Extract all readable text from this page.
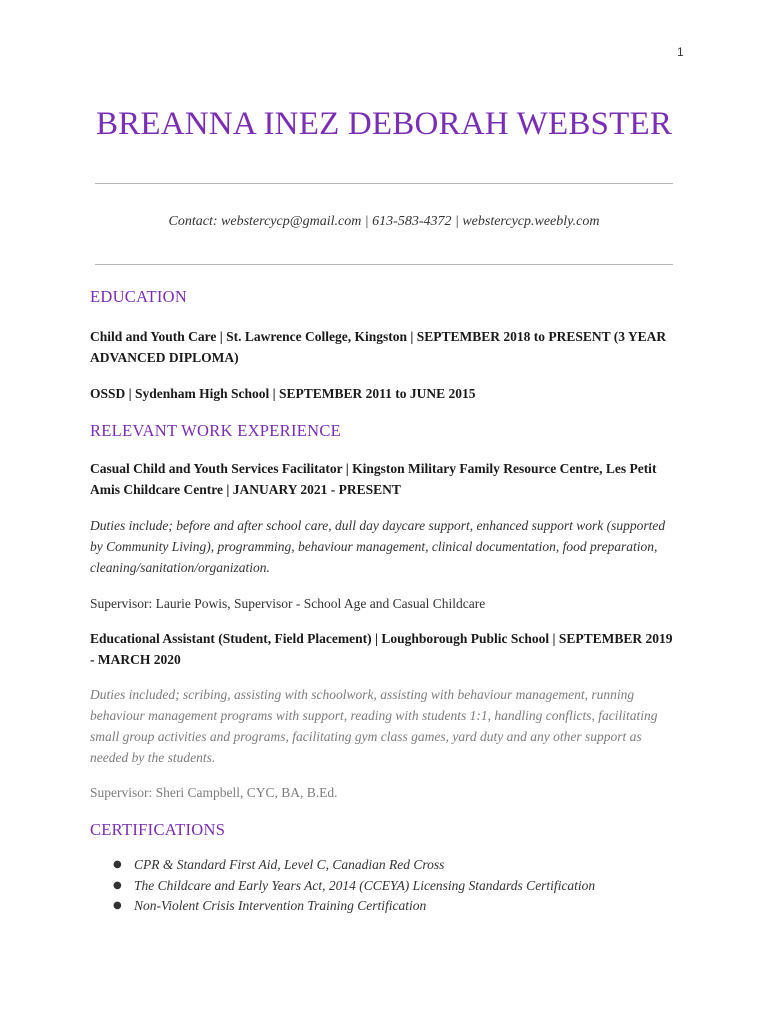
1
BREANNA INEZ DEBORAH WEBSTER
Contact: webstercycp@gmail.com | 613-583-4372 | webstercycp.weebly.com
EDUCATION

Child and Youth Care | St. Lawrence College, Kingston | SEPTEMBER 2018 to PRESENT (3 YEAR ADVANCED DIPLOMA)

OSSD | Sydenham High School | SEPTEMBER 2011 to JUNE 2015

RELEVANT WORK EXPERIENCE

Casual Child and Youth Services Facilitator | Kingston Military Family Resource Centre, Les Petit Amis Childcare Centre | JANUARY 2021 - PRESENT

Duties include; before and after school care, dull day daycare support, enhanced support work (supported by Community Living), programming, behaviour management, clinical documentation, food preparation, cleaning/sanitation/organization.

Supervisor: Laurie Powis, Supervisor - School Age and Casual Childcare

Educational Assistant (Student, Field Placement) | Loughborough Public School | SEPTEMBER 2019 - MARCH 2020

Duties included; scribing, assisting with schoolwork, assisting with behaviour management, running behaviour management programs with support, reading with students 1:1, handling conflicts, facilitating small group activities and programs, facilitating gym class games, yard duty and any other support as needed by the students.

Supervisor: Sheri Campbell, CYC, BA, B.Ed.

CERTIFICATIONS
● CPR & Standard First Aid, Level C, Canadian Red Cross
● The Childcare and Early Years Act, 2014 (CCEYA) Licensing Standards Certification
● Non-Violent Crisis Intervention Training Certification
